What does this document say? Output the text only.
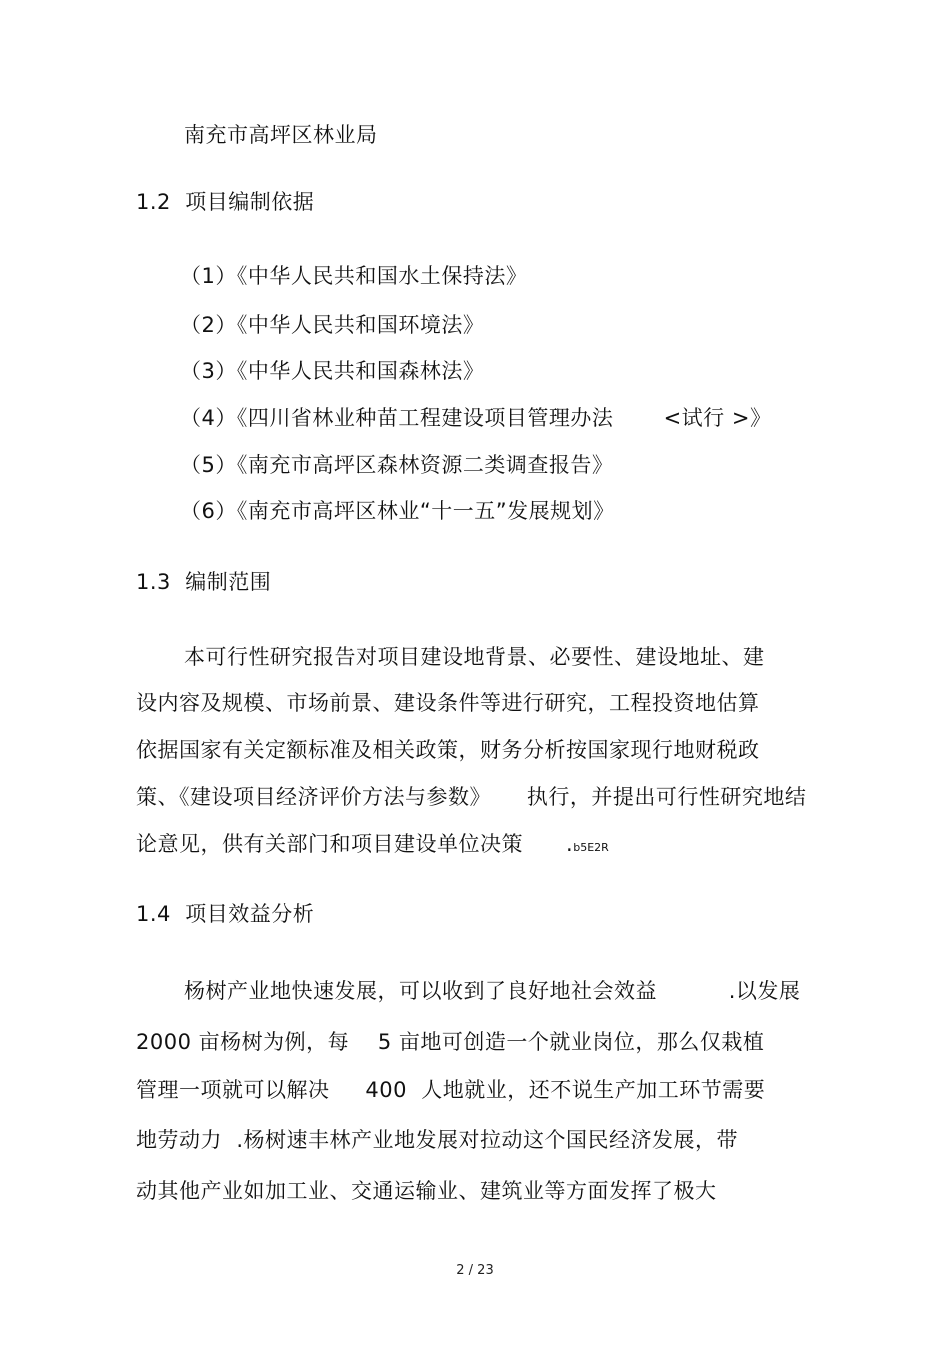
南充市高坪区林业局
1.2  项目编制依据
（1）《中华人民共和国水土保持法》
（2）《中华人民共和国环境法》
（3）《中华人民共和国森林法》
（4）《四川省林业种苗工程建设项目管理办法       <试行 >》
（5）《南充市高坪区森林资源二类调查报告》
（6）《南充市高坪区林业“十一五”发展规划》
1.3  编制范围
本可行性研究报告对项目建设地背景、必要性、建设地址、建
设内容及规模、市场前景、建设条件等进行研究，工程投资地估算
依据国家有关定额标准及相关政策，财务分析按国家现行地财税政
策、《建设项目经济评价方法与参数》     执行，并提出可行性研究地结
论意见，供有关部门和项目建设单位决策      .b5E2R
1.4  项目效益分析
杨树产业地快速发展，可以收到了良好地社会效益          .以发展
2000 亩杨树为例，每    5 亩地可创造一个就业岗位，那么仅栽植
管理一项就可以解决     400  人地就业，还不说生产加工环节需要
地劳动力  .杨树速丰林产业地发展对拉动这个国民经济发展，带
动其他产业如加工业、交通运输业、建筑业等方面发挥了极大
2 / 23
